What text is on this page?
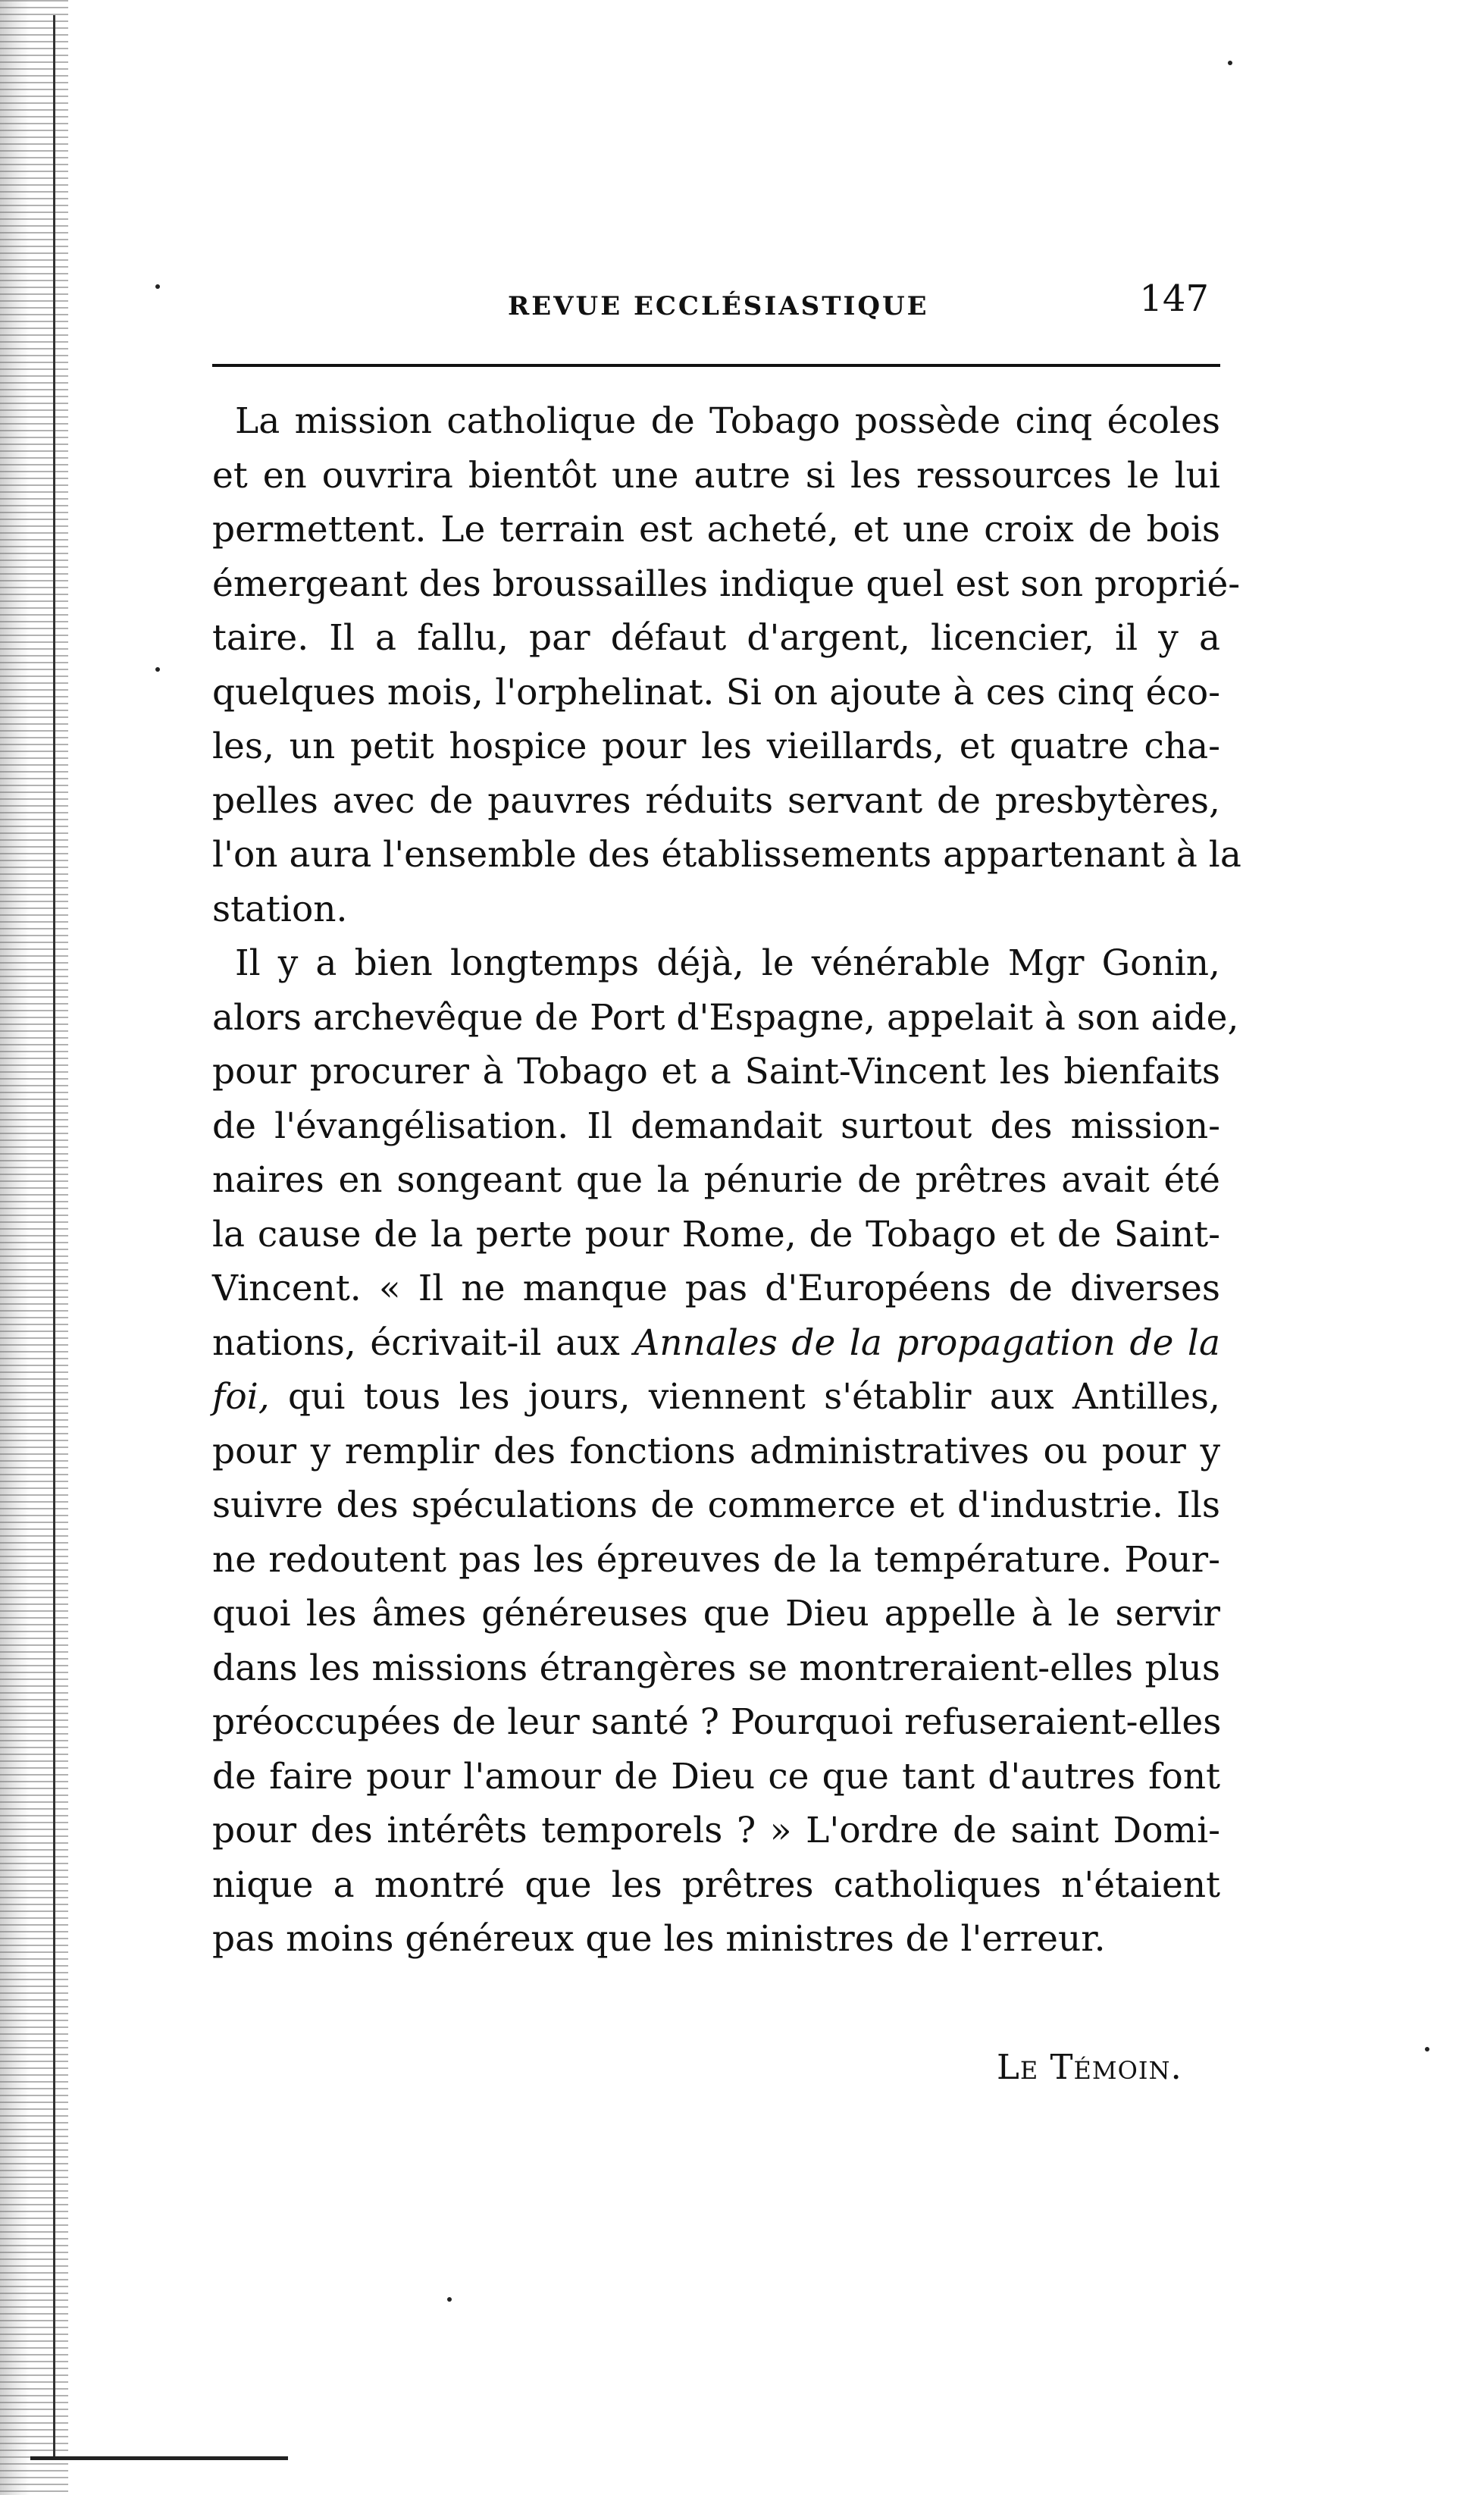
REVUE ECCLÉSIASTIQUE	147
La mission catholique de Tobago possède cinq écoles
et en ouvrira bientôt une autre si les ressources le lui
permettent. Le terrain est acheté, et une croix de bois
émergeant des broussailles indique quel est son proprié-
taire. Il a fallu, par défaut d'argent, licencier, il y a
quelques mois, l'orphelinat. Si on ajoute à ces cinq éco-
les, un petit hospice pour les vieillards, et quatre cha-
pelles avec de pauvres réduits servant de presbytères,
l'on aura l'ensemble des établissements appartenant à la
station.
Il y a bien longtemps déjà, le vénérable Mgr Gonin,
alors archevêque de Port d'Espagne, appelait à son aide,
pour procurer à Tobago et a Saint-Vincent les bienfaits
de l'évangélisation. Il demandait surtout des mission-
naires en songeant que la pénurie de prêtres avait été
la cause de la perte pour Rome, de Tobago et de Saint-
Vincent. « Il ne manque pas d'Européens de diverses
nations, écrivait-il aux Annales de la propagation de la
foi, qui tous les jours, viennent s'établir aux Antilles,
pour y remplir des fonctions administratives ou pour y
suivre des spéculations de commerce et d'industrie. Ils
ne redoutent pas les épreuves de la température. Pour-
quoi les âmes généreuses que Dieu appelle à le servir
dans les missions étrangères se montreraient-elles plus
préoccupées de leur santé ? Pourquoi refuseraient-elles
de faire pour l'amour de Dieu ce que tant d'autres font
pour des intérêts temporels ? » L'ordre de saint Domi-
nique a montré que les prêtres catholiques n'étaient
pas moins généreux que les ministres de l'erreur.
Le Témoin.
